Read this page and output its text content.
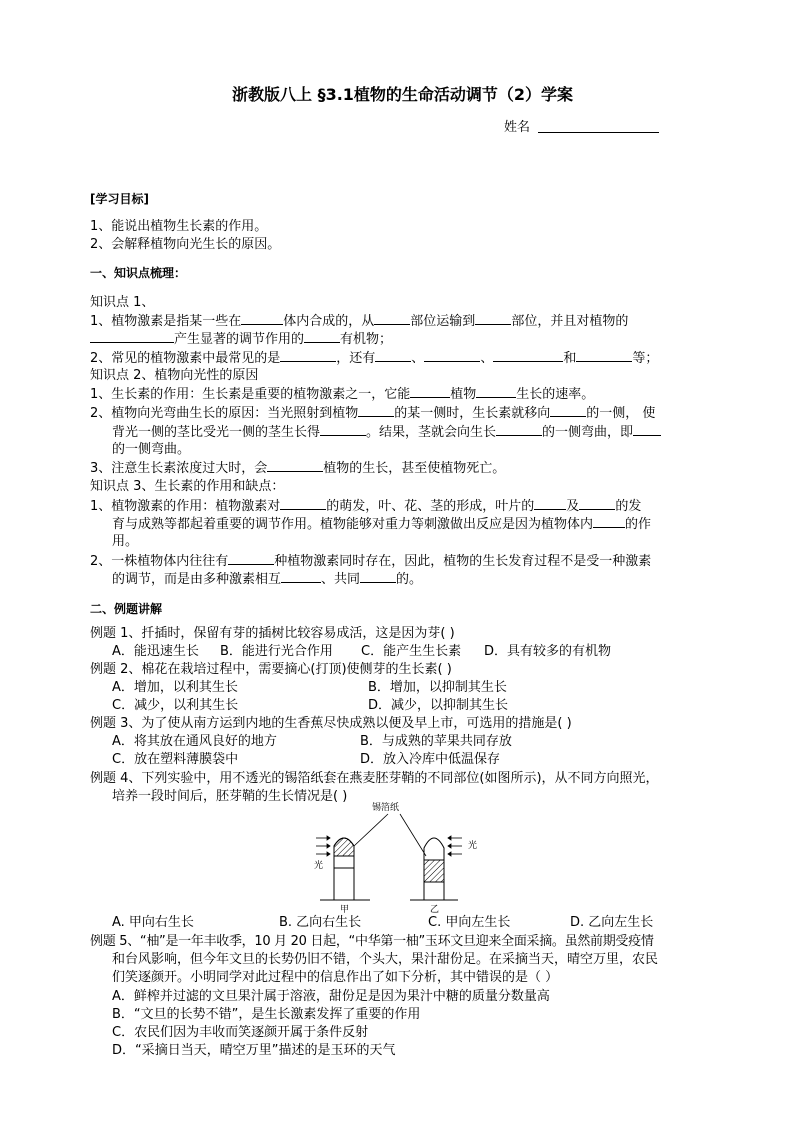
浙教版八上 §3.1植物的生命活动调节（2）学案
姓名
[学习目标]
1、能说出植物生长素的作用。
2、会解释植物向光生长的原因。
一、知识点梳理：
知识点 1、
1、植物激素是指某一些在	体内合成的，从	部位运输到	部位，并且对植物的
产生显著的调节作用的	有机物；
2、常见的植物激素中最常见的是	，还有	、	、	和	等；
知识点 2、植物向光性的原因
1、生长素的作用：生长素是重要的植物激素之一，它能	植物	生长的速率。
2、植物向光弯曲生长的原因：当光照射到植物	的某一侧时，生长素就移向	的一侧， 使
背光一侧的茎比受光一侧的茎生长得	。结果，茎就会向生长	的一侧弯曲，即
的一侧弯曲。
3、注意生长素浓度过大时，会	植物的生长，甚至使植物死亡。
知识点 3、生长素的作用和缺点：
1、植物激素的作用：植物激素对	的萌发，叶、花、茎的形成，叶片的 及	的发
育与成熟等都起着重要的调节作用。植物能够对重力等刺激做出反应是因为植物体内 的作
用。
2、一株植物体内往往有	种植物激素同时存在，因此，植物的生长发育过程不是受一种激素
的调节，而是由多种激素相互	、共同	的。
二、例题讲解
例题 1、扦插时，保留有芽的插树比较容易成活，这是因为芽( )
A．能迅速生长 B．能进行光合作用 C．能产生生长素 D．具有较多的有机物
例题 2、棉花在栽培过程中，需要摘心(打顶)使侧芽的生长素( )
A．增加，以利其生长	B．增加，以抑制其生长
C．减少，以利其生长	D．减少，以抑制其生长
例题 3、为了使从南方运到内地的生香蕉尽快成熟以便及早上市，可选用的措施是( )
A．将其放在通风良好的地方	B．与成熟的苹果共同存放
C．放在塑料薄膜袋中	D．放入冷库中低温保存
例题 4、下列实验中，用不透光的锡箔纸套在燕麦胚芽鞘的不同部位(如图所示)，从不同方向照光，
培养一段时间后，胚芽鞘的生长情况是( )
锡箔纸
光
光
甲	乙
A. 甲向右生长	B. 乙向右生长	C. 甲向左生长	D. 乙向左生长
例题 5、“柚”是一年丰收季，10 月 20 日起，“中华第一柚”玉环文旦迎来全面采摘。虽然前期受疫情
和台风影响，但今年文旦的长势仍旧不错，个头大，果汁甜份足。在采摘当天，晴空万里，农民
们笑逐颜开。小明同学对此过程中的信息作出了如下分析，其中错误的是（ ）
A．鲜榨并过滤的文旦果汁属于溶液，甜份足是因为果汁中糖的质量分数量高
B．“文旦的长势不错”，是生长激素发挥了重要的作用
C．农民们因为丰收而笑逐颜开属于条件反射
D．“采摘日当天，晴空万里”描述的是玉环的天气
